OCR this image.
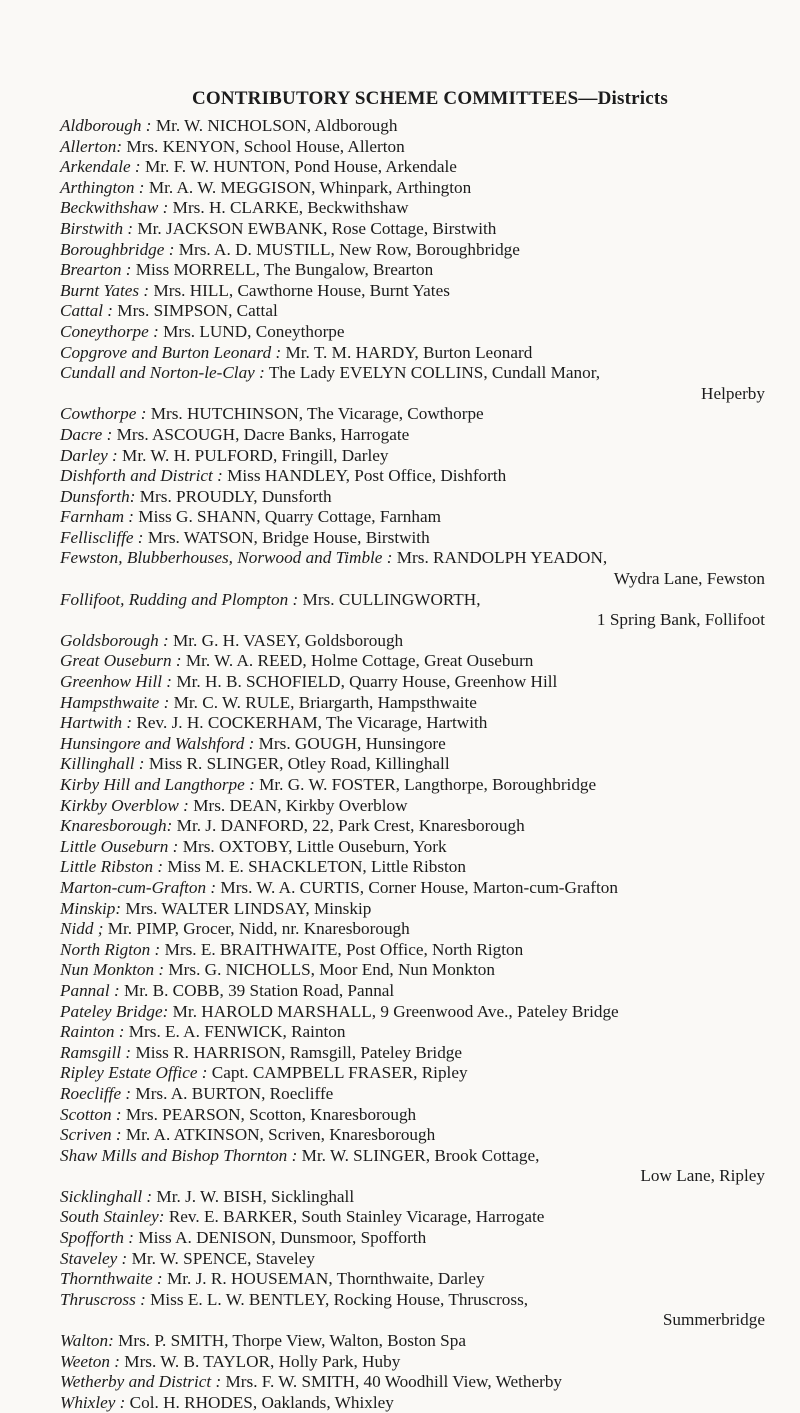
CONTRIBUTORY SCHEME COMMITTEES—Districts
Aldborough : Mr. W. NICHOLSON, Aldborough
Allerton: Mrs. KENYON, School House, Allerton
Arkendale : Mr. F. W. HUNTON, Pond House, Arkendale
Arthington : Mr. A. W. MEGGISON, Whinpark, Arthington
Beckwithshaw : Mrs. H. CLARKE, Beckwithshaw
Birstwith : Mr. JACKSON EWBANK, Rose Cottage, Birstwith
Boroughbridge : Mrs. A. D. MUSTILL, New Row, Boroughbridge
Brearton : Miss MORRELL, The Bungalow, Brearton
Burnt Yates : Mrs. HILL, Cawthorne House, Burnt Yates
Cattal : Mrs. SIMPSON, Cattal
Coneythorpe : Mrs. LUND, Coneythorpe
Copgrove and Burton Leonard : Mr. T. M. HARDY, Burton Leonard
Cundall and Norton-le-Clay : The Lady EVELYN COLLINS, Cundall Manor,
Helperby
Cowthorpe : Mrs. HUTCHINSON, The Vicarage, Cowthorpe
Dacre : Mrs. ASCOUGH, Dacre Banks, Harrogate
Darley : Mr. W. H. PULFORD, Fringill, Darley
Dishforth and District : Miss HANDLEY, Post Office, Dishforth
Dunsforth: Mrs. PROUDLY, Dunsforth
Farnham : Miss G. SHANN, Quarry Cottage, Farnham
Felliscliffe : Mrs. WATSON, Bridge House, Birstwith
Fewston, Blubberhouses, Norwood and Timble : Mrs. RANDOLPH YEADON,
Wydra Lane, Fewston
Follifoot, Rudding and Plompton : Mrs. CULLINGWORTH,
1 Spring Bank, Follifoot
Goldsborough : Mr. G. H. VASEY, Goldsborough
Great Ouseburn : Mr. W. A. REED, Holme Cottage, Great Ouseburn
Greenhow Hill : Mr. H. B. SCHOFIELD, Quarry House, Greenhow Hill
Hampsthwaite : Mr. C. W. RULE, Briargarth, Hampsthwaite
Hartwith : Rev. J. H. COCKERHAM, The Vicarage, Hartwith
Hunsingore and Walshford : Mrs. GOUGH, Hunsingore
Killinghall : Miss R. SLINGER, Otley Road, Killinghall
Kirby Hill and Langthorpe : Mr. G. W. FOSTER, Langthorpe, Boroughbridge
Kirkby Overblow : Mrs. DEAN, Kirkby Overblow
Knaresborough: Mr. J. DANFORD, 22, Park Crest, Knaresborough
Little Ouseburn : Mrs. OXTOBY, Little Ouseburn, York
Little Ribston : Miss M. E. SHACKLETON, Little Ribston
Marton-cum-Grafton : Mrs. W. A. CURTIS, Corner House, Marton-cum-Grafton
Minskip: Mrs. WALTER LINDSAY, Minskip
Nidd ; Mr. PIMP, Grocer, Nidd, nr. Knaresborough
North Rigton : Mrs. E. BRAITHWAITE, Post Office, North Rigton
Nun Monkton : Mrs. G. NICHOLLS, Moor End, Nun Monkton
Pannal : Mr. B. COBB, 39 Station Road, Pannal
Pateley Bridge: Mr. HAROLD MARSHALL, 9 Greenwood Ave., Pateley Bridge
Rainton : Mrs. E. A. FENWICK, Rainton
Ramsgill : Miss R. HARRISON, Ramsgill, Pateley Bridge
Ripley Estate Office : Capt. CAMPBELL FRASER, Ripley
Roecliffe : Mrs. A. BURTON, Roecliffe
Scotton : Mrs. PEARSON, Scotton, Knaresborough
Scriven : Mr. A. ATKINSON, Scriven, Knaresborough
Shaw Mills and Bishop Thornton : Mr. W. SLINGER, Brook Cottage,
Low Lane, Ripley
Sicklinghall : Mr. J. W. BISH, Sicklinghall
South Stainley: Rev. E. BARKER, South Stainley Vicarage, Harrogate
Spofforth : Miss A. DENISON, Dunsmoor, Spofforth
Staveley : Mr. W. SPENCE, Staveley
Thornthwaite : Mr. J. R. HOUSEMAN, Thornthwaite, Darley
Thruscross : Miss E. L. W. BENTLEY, Rocking House, Thruscross,
Summerbridge
Walton: Mrs. P. SMITH, Thorpe View, Walton, Boston Spa
Weeton : Mrs. W. B. TAYLOR, Holly Park, Huby
Wetherby and District : Mrs. F. W. SMITH, 40 Woodhill View, Wetherby
Whixley : Col. H. RHODES, Oaklands, Whixley
